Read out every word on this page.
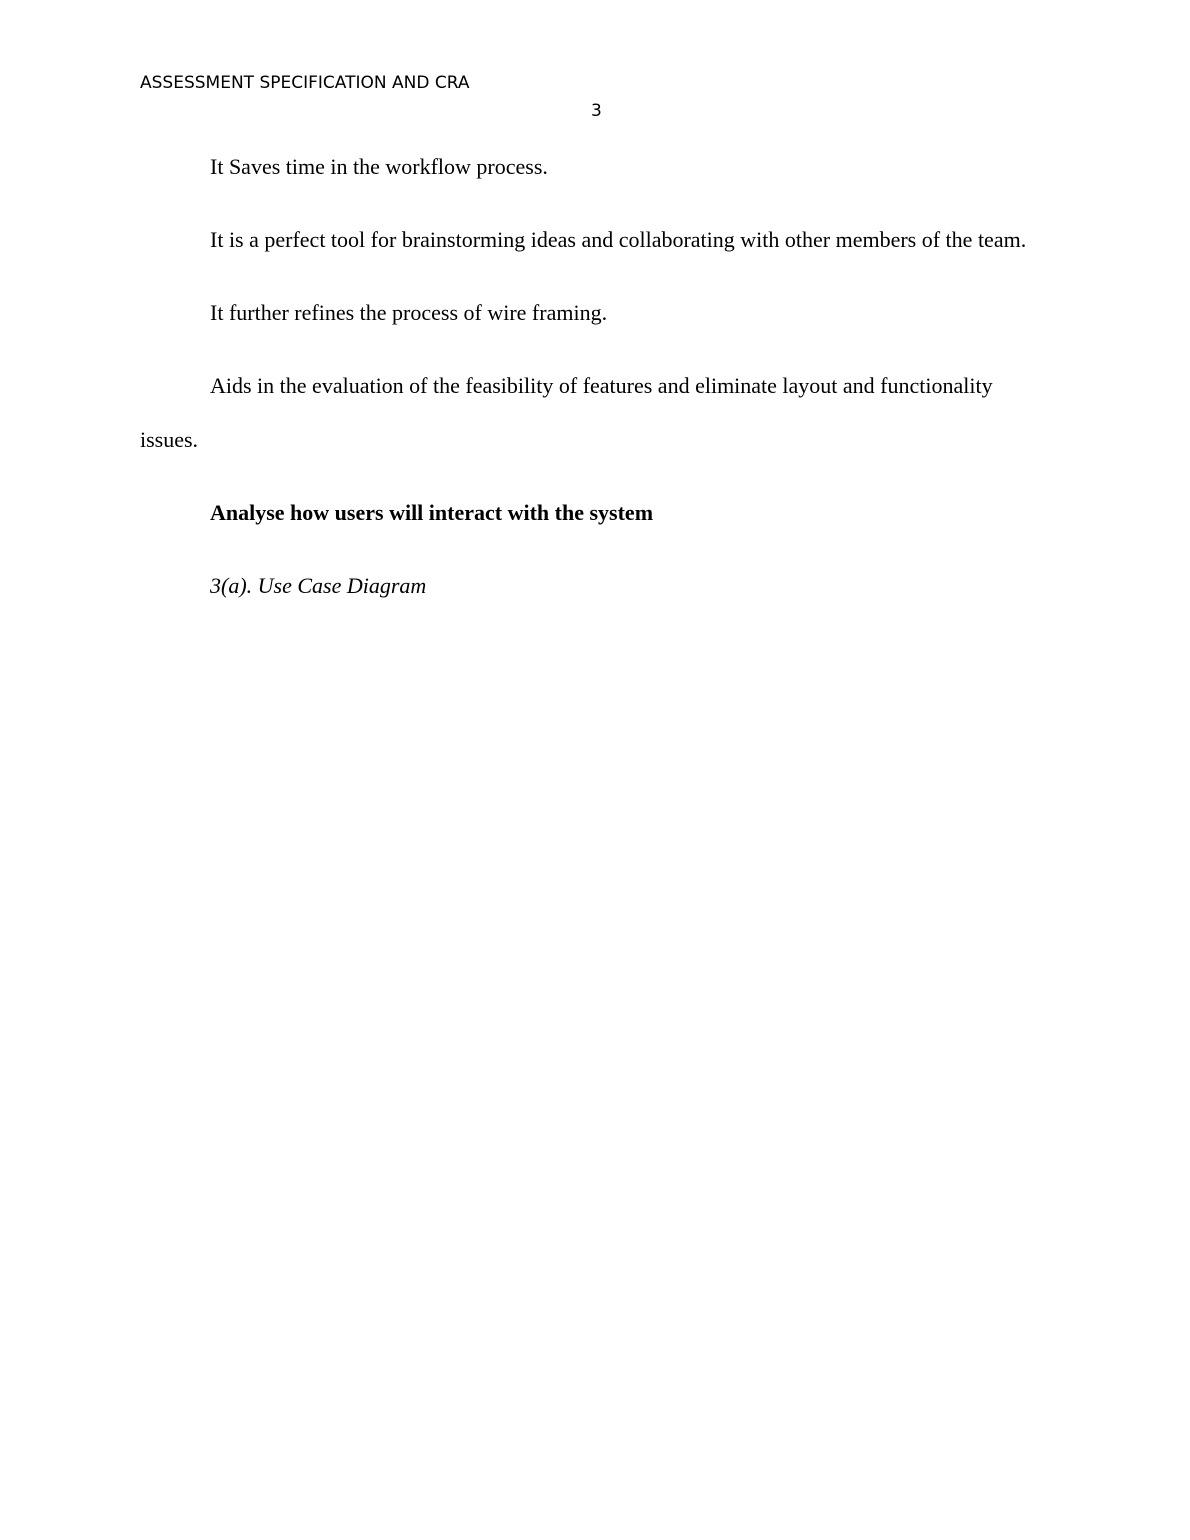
ASSESSMENT SPECIFICATION AND CRA
3

It Saves time in the workflow process.

It is a perfect tool for brainstorming ideas and collaborating with other members of the team.

It further refines the process of wire framing.

Aids in the evaluation of the feasibility of features and eliminate layout and functionality issues.

Analyse how users will interact with the system

3(a). Use Case Diagram
